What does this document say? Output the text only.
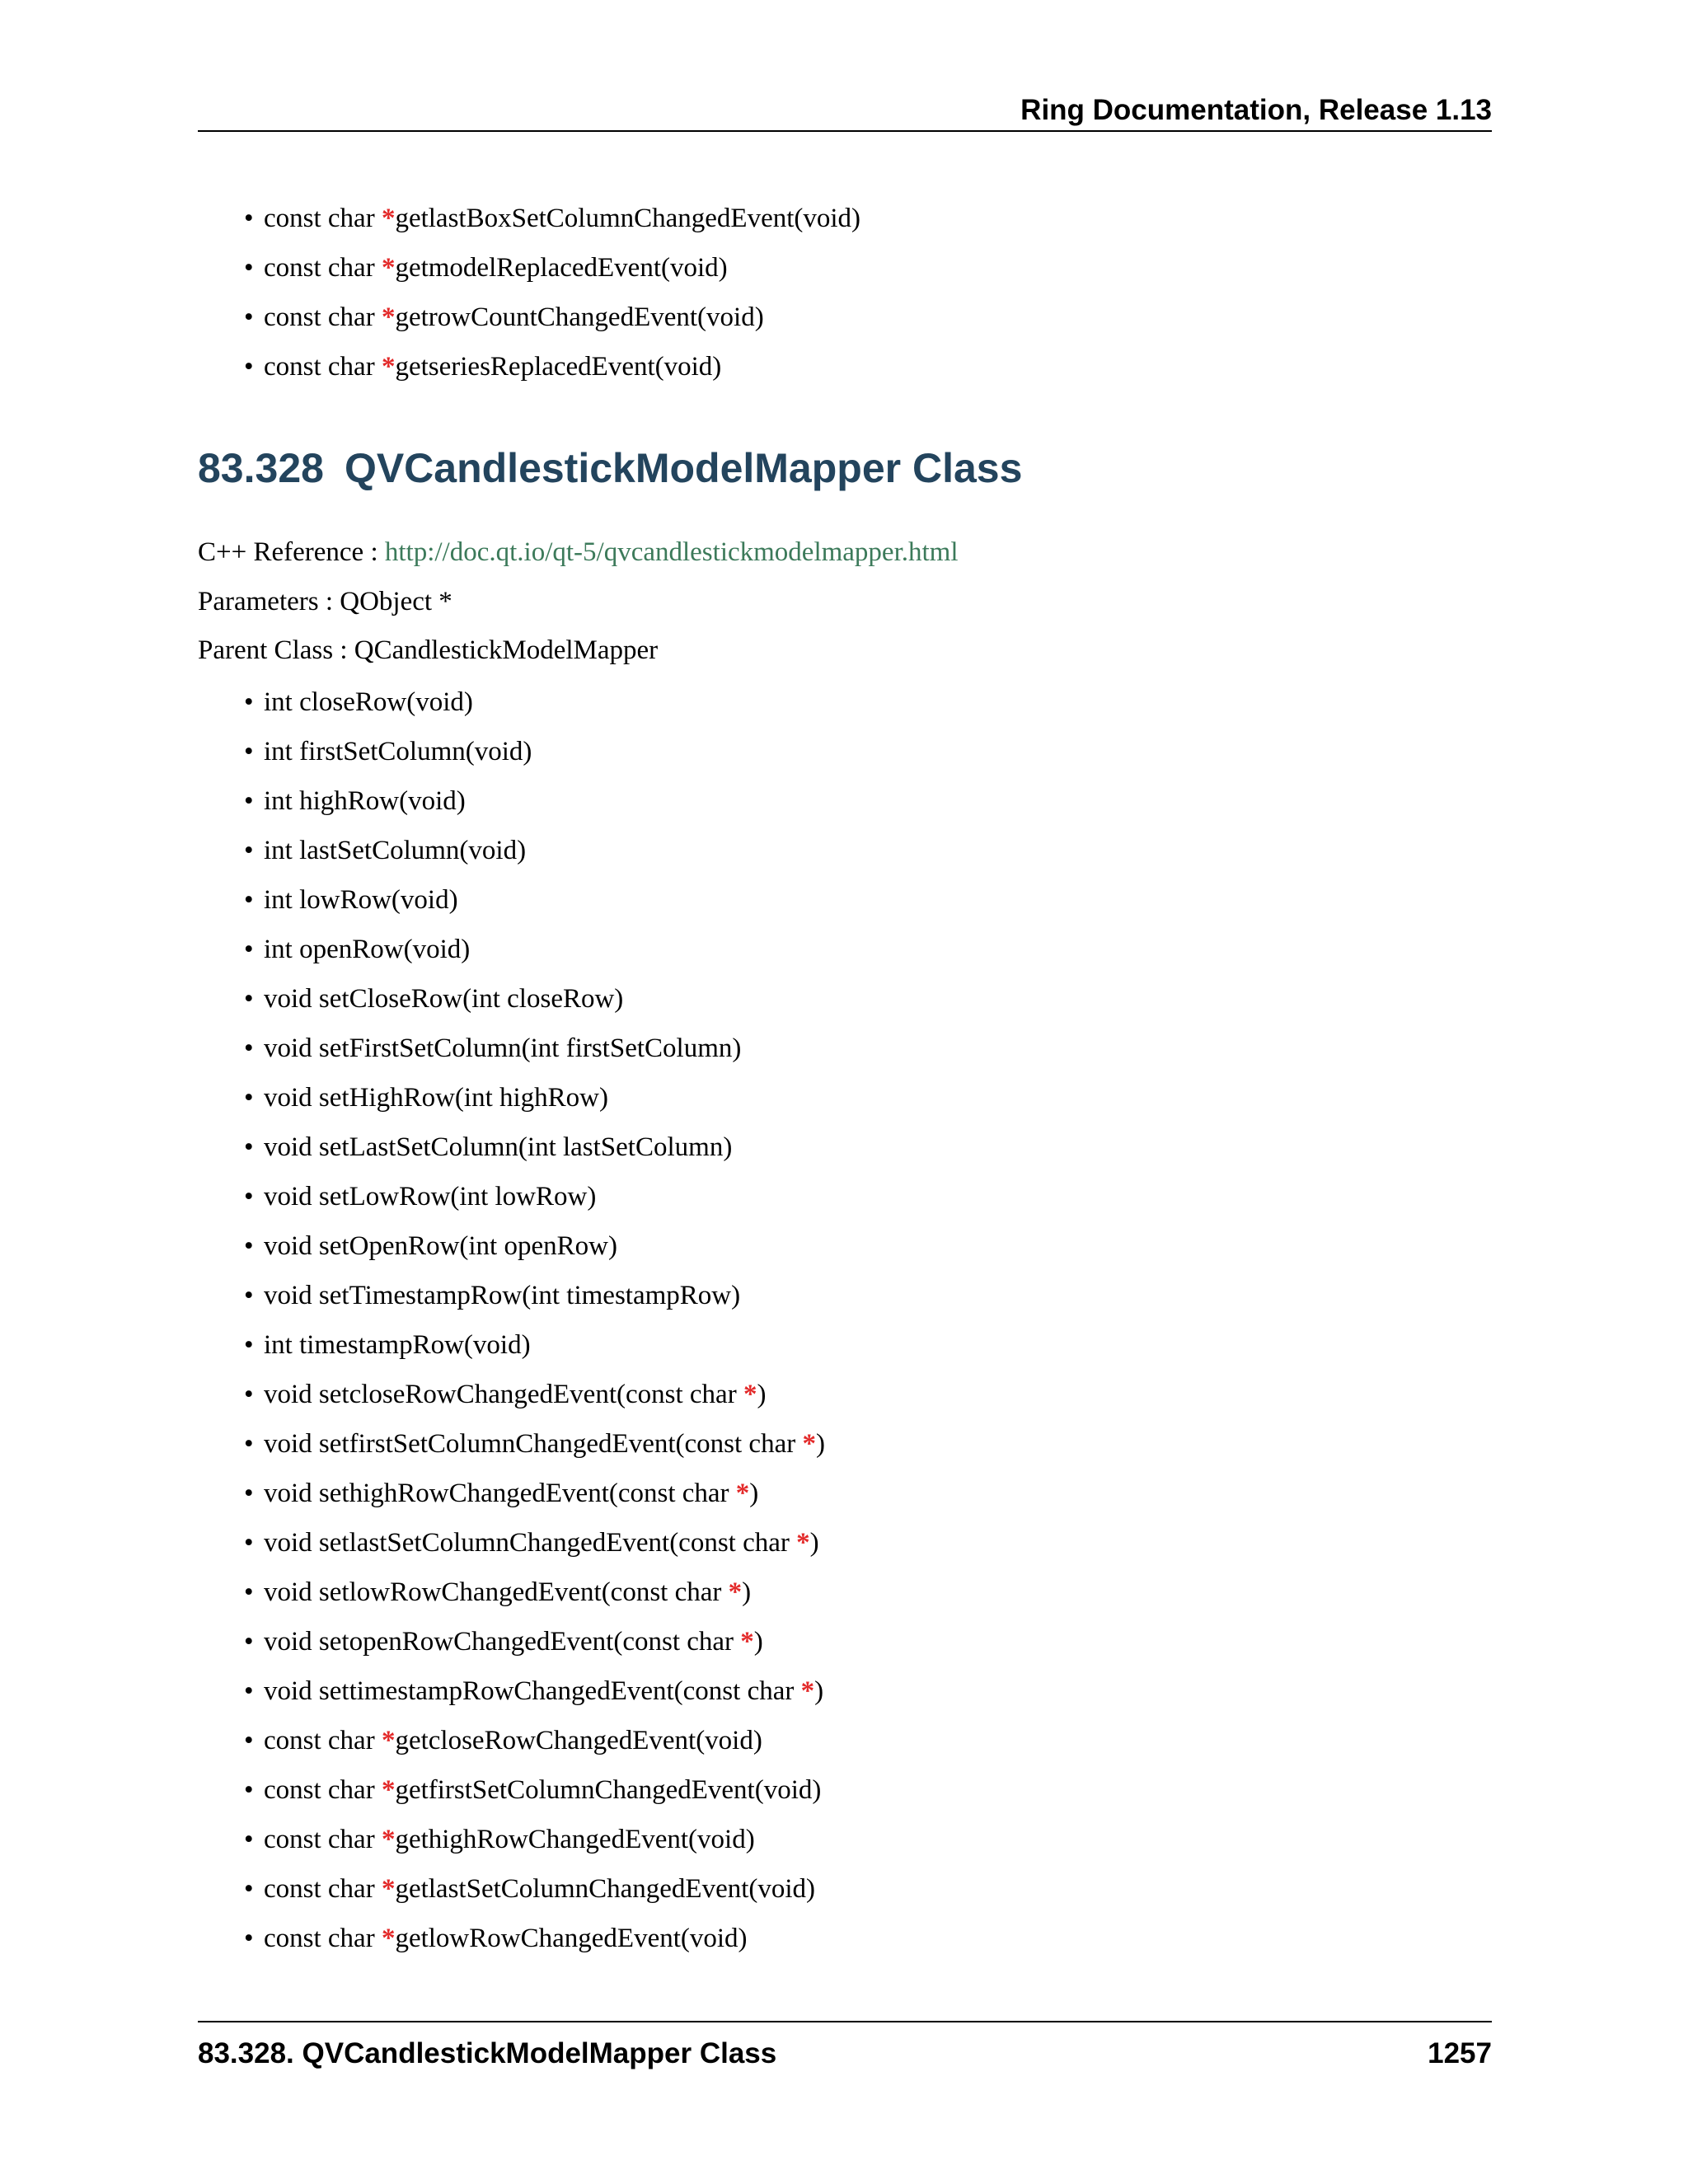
Ring Documentation, Release 1.13
• const char *getlastBoxSetColumnChangedEvent(void)
• const char *getmodelReplacedEvent(void)
• const char *getrowCountChangedEvent(void)
• const char *getseriesReplacedEvent(void)
83.328 QVCandlestickModelMapper Class
C++ Reference : http://doc.qt.io/qt-5/qvcandlestickmodelmapper.html
Parameters : QObject *
Parent Class : QCandlestickModelMapper
• int closeRow(void)
• int firstSetColumn(void)
• int highRow(void)
• int lastSetColumn(void)
• int lowRow(void)
• int openRow(void)
• void setCloseRow(int closeRow)
• void setFirstSetColumn(int firstSetColumn)
• void setHighRow(int highRow)
• void setLastSetColumn(int lastSetColumn)
• void setLowRow(int lowRow)
• void setOpenRow(int openRow)
• void setTimestampRow(int timestampRow)
• int timestampRow(void)
• void setcloseRowChangedEvent(const char *)
• void setfirstSetColumnChangedEvent(const char *)
• void sethighRowChangedEvent(const char *)
• void setlastSetColumnChangedEvent(const char *)
• void setlowRowChangedEvent(const char *)
• void setopenRowChangedEvent(const char *)
• void settimestampRowChangedEvent(const char *)
• const char *getcloseRowChangedEvent(void)
• const char *getfirstSetColumnChangedEvent(void)
• const char *gethighRowChangedEvent(void)
• const char *getlastSetColumnChangedEvent(void)
• const char *getlowRowChangedEvent(void)
83.328. QVCandlestickModelMapper Class	1257
